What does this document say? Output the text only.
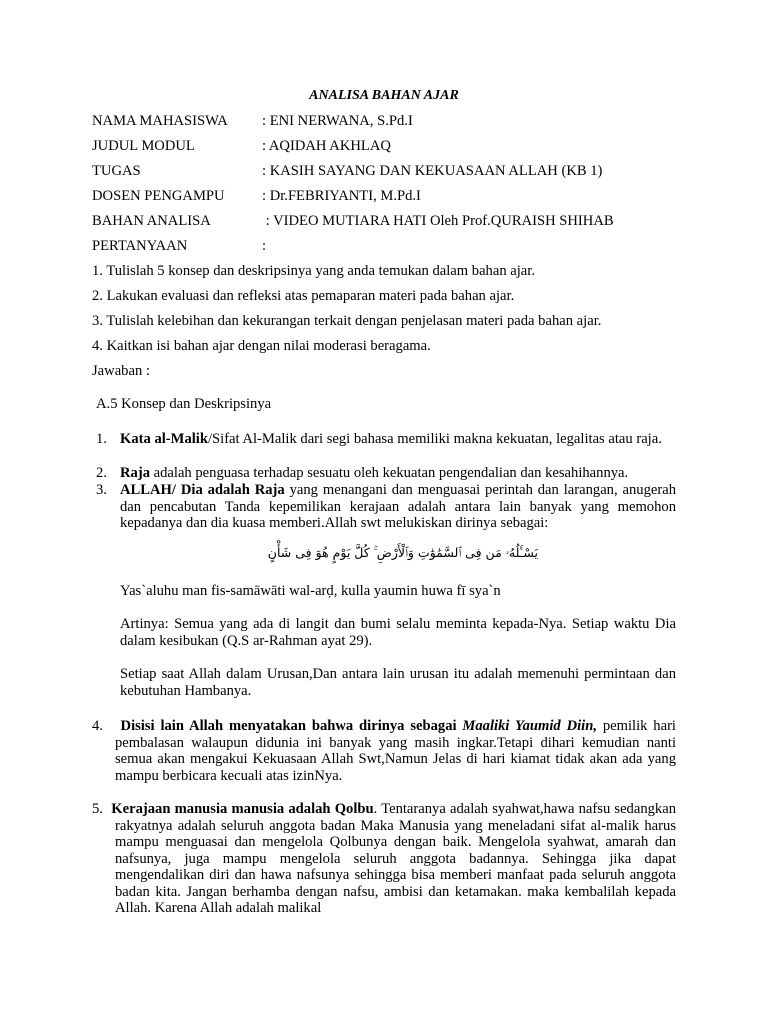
ANALISA BAHAN AJAR
NAMA MAHASISWA : ENI NERWANA, S.Pd.I
JUDUL MODUL	: AQIDAH AKHLAQ
TUGAS	: KASIH SAYANG DAN KEKUASAAN ALLAH (KB 1)
DOSEN PENGAMPU	: Dr.FEBRIYANTI, M.Pd.I
BAHAN ANALISA	: VIDEO MUTIARA HATI Oleh Prof.QURAISH SHIHAB
PERTANYAAN	:
1. Tulislah 5 konsep dan deskripsinya yang anda temukan dalam bahan ajar.
2. Lakukan evaluasi dan refleksi atas pemaparan materi pada bahan ajar.
3. Tulislah kelebihan dan kekurangan terkait dengan penjelasan materi pada bahan ajar.
4. Kaitkan isi bahan ajar dengan nilai moderasi beragama.
Jawaban :
A.5 Konsep dan Deskripsinya
1. Kata al-Malik/Sifat Al-Malik dari segi bahasa memiliki makna kekuatan, legalitas atau raja.
2. Raja adalah penguasa terhadap sesuatu oleh kekuatan pengendalian dan kesahihannya.
3. ALLAH/ Dia adalah Raja yang menangani dan menguasai perintah dan larangan, anugerah dan pencabutan Tanda kepemilikan kerajaan adalah antara lain banyak yang memohon kepadanya dan dia kuasa memberi.Allah swt melukiskan dirinya sebagai:
يَسْـَٔلُهُۥ مَن فِى ٱلسَّمَٰوَٰتِ وَٱلْأَرْضِ ۚ كُلَّ يَوْمٍ هُوَ فِى شَأْنٍ
Yas`aluhu man fis-samāwāti wal-arḍ, kulla yaumin huwa fī sya`n
Artinya: Semua yang ada di langit dan bumi selalu meminta kepada-Nya. Setiap waktu Dia dalam kesibukan (Q.S ar-Rahman ayat 29).
Setiap saat Allah dalam Urusan,Dan antara lain urusan itu adalah memenuhi permintaan dan kebutuhan Hambanya.
4. Disisi lain Allah menyatakan bahwa dirinya sebagai Maaliki Yaumid Diin, pemilik hari pembalasan walaupun didunia ini banyak yang masih ingkar.Tetapi dihari kemudian nanti semua akan mengakui Kekuasaan Allah Swt,Namun Jelas di hari kiamat tidak akan ada yang mampu berbicara kecuali atas izinNya.
5. Kerajaan manusia manusia adalah Qolbu. Tentaranya adalah syahwat,hawa nafsu sedangkan rakyatnya adalah seluruh anggota badan Maka Manusia yang meneladani sifat al-malik harus mampu menguasai dan mengelola Qolbunya dengan baik. Mengelola syahwat, amarah dan nafsunya, juga mampu mengelola seluruh anggota badannya. Sehingga jika dapat mengendalikan diri dan hawa nafsunya sehingga bisa memberi manfaat pada seluruh anggota badan kita. Jangan berhamba dengan nafsu, ambisi dan ketamakan. maka kembalilah kepada Allah. Karena Allah adalah malikal
